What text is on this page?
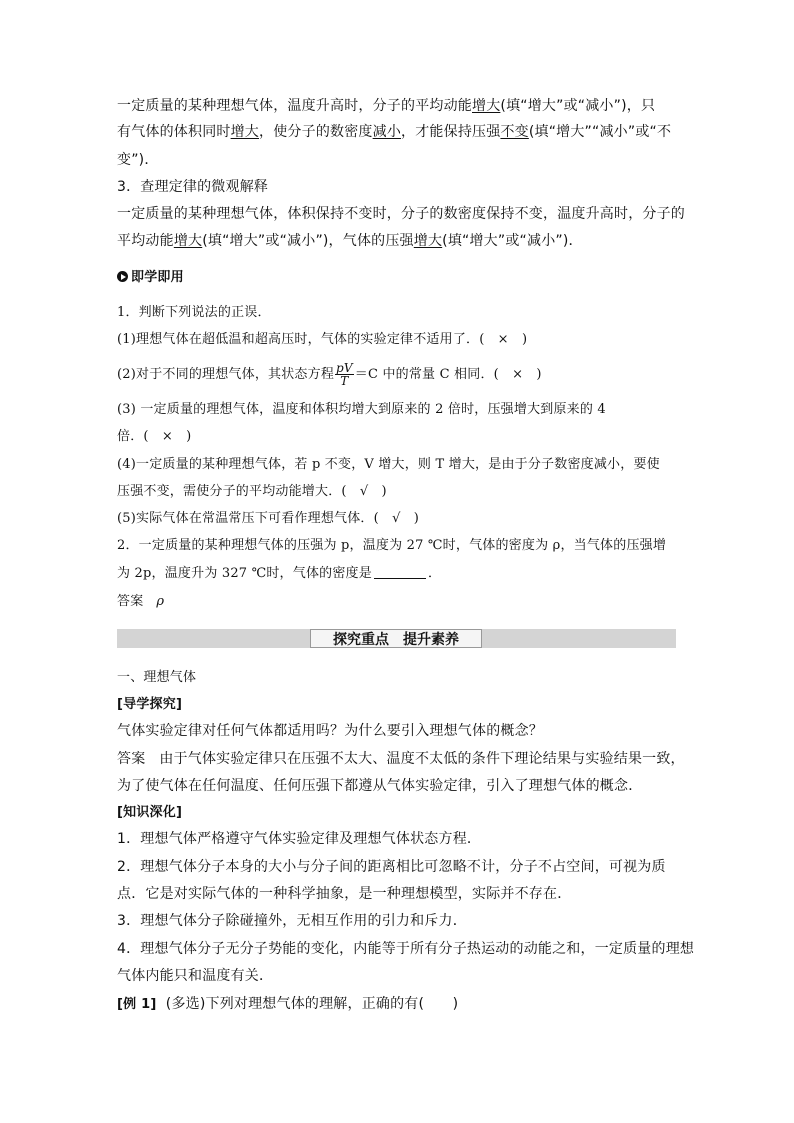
一定质量的某种理想气体，温度升高时，分子的平均动能增大(填“增大”或“减小”)，只
有气体的体积同时增大，使分子的数密度减小，才能保持压强不变(填“增大”“减小”或“不
变”)．
3．查理定律的微观解释
一定质量的某种理想气体，体积保持不变时，分子的数密度保持不变，温度升高时，分子的
平均动能增大(填“增大”或“减小”)，气体的压强增大(填“增大”或“减小”)．
即学即用
1．判断下列说法的正误．
(1)理想气体在超低温和超高压时，气体的实验定律不适用了．(　×　)
(2)对于不同的理想气体，其状态方程 $\frac{pV}{T} =C$ 中的常量 C 相同．(　×　)
(3) 一定质量的理想气体，温度和体积均增大到原来的 2 倍时，压强增大到原来的 4
倍．(　×　)
(4)一定质量的某种理想气体，若 p 不变，V 增大，则 T 增大，是由于分子数密度减小，要使
压强不变，需使分子的平均动能增大．(　√　)
(5)实际气体在常温常压下可看作理想气体．(　√　)
2．一定质量的某种理想气体的压强为 p，温度为 27 ℃时，气体的密度为 ρ，当气体的压强增
为 2p，温度升为 327 ℃时，气体的密度是	．
答案 ρ
探究重点 提升素养
一、理想气体
[导学探究]
气体实验定律对任何气体都适用吗？为什么要引入理想气体的概念？
答案 由于气体实验定律只在压强不太大、温度不太低的条件下理论结果与实验结果一致，
为了使气体在任何温度、任何压强下都遵从气体实验定律，引入了理想气体的概念．
[知识深化]
1．理想气体严格遵守气体实验定律及理想气体状态方程．
2．理想气体分子本身的大小与分子间的距离相比可忽略不计，分子不占空间，可视为质
点．它是对实际气体的一种科学抽象，是一种理想模型，实际并不存在．
3．理想气体分子除碰撞外，无相互作用的引力和斥力．
4．理想气体分子无分子势能的变化，内能等于所有分子热运动的动能之和，一定质量的理想
气体内能只和温度有关．
[例 1] (多选)下列对理想气体的理解，正确的有(　　)
